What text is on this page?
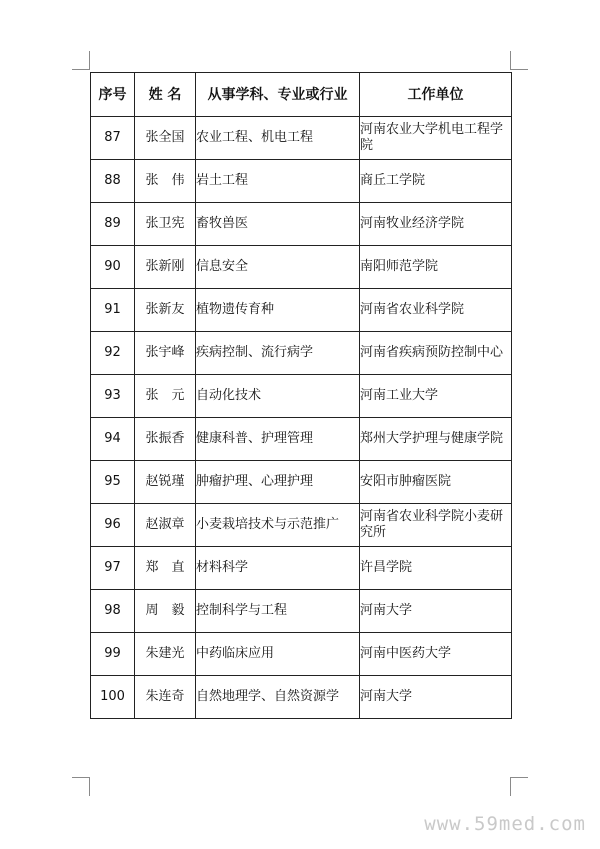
序号	姓 名	从事学科、专业或行业	工作单位
87	张全国	农业工程、机电工程	河南农业大学机电工程学院
88	张　伟	岩土工程	商丘工学院
89	张卫宪	畜牧兽医	河南牧业经济学院
90	张新刚	信息安全	南阳师范学院
91	张新友	植物遗传育种	河南省农业科学院
92	张宇峰	疾病控制、流行病学	河南省疾病预防控制中心
93	张　元	自动化技术	河南工业大学
94	张振香	健康科普、护理管理	郑州大学护理与健康学院
95	赵锐瑾	肿瘤护理、心理护理	安阳市肿瘤医院
96	赵淑章	小麦栽培技术与示范推广	河南省农业科学院小麦研究所
97	郑　直	材料科学	许昌学院
98	周　毅	控制科学与工程	河南大学
99	朱建光	中药临床应用	河南中医药大学
100	朱连奇	自然地理学、自然资源学	河南大学
www.59med.com
